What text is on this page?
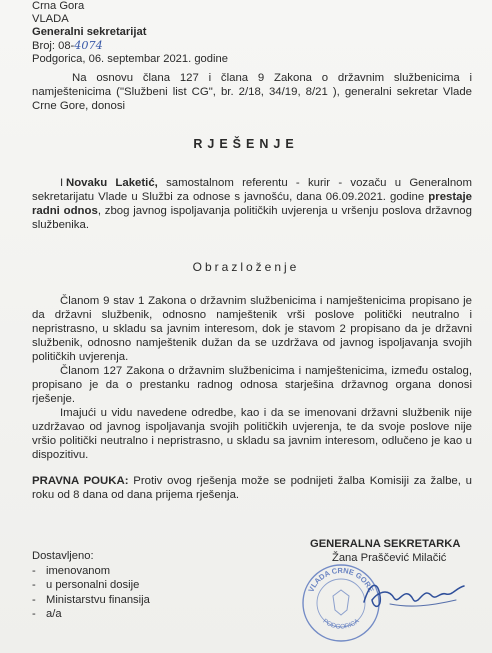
Crna Gora
VLADA
Generalni sekretarijat
Broj: 08-4074
Podgorica, 06. septembar 2021. godine
Na osnovu člana 127 i člana 9 Zakona o državnim službenicima i namještenicima ("Službeni list CG", br. 2/18, 34/19, 8/21 ), generalni sekretar Vlade Crne Gore, donosi
RJEŠENJE
I Novaku Laketić, samostalnom referentu - kurir - vozaču u Generalnom sekretarijatu Vlade u Službi za odnose s javnošću, dana 06.09.2021. godine prestaje radni odnos, zbog javnog ispoljavanja političkih uvjerenja u vršenju poslova državnog službenika.
Obrazloženje
Članom 9 stav 1 Zakona o državnim službenicima i namještenicima propisano je da državni službenik, odnosno namještenik vrši poslove politički neutralno i nepristrasno, u skladu sa javnim interesom, dok je stavom 2 propisano da je državni službenik, odnosno namještenik dužan da se uzdržava od javnog ispoljavanja svojih političkih uvjerenja.
Članom 127 Zakona o državnim službenicima i namještenicima, između ostalog, propisano je da o prestanku radnog odnosa starješina državnog organa donosi rješenje.
Imajući u vidu navedene odredbe, kao i da se imenovani državni službenik nije uzdržavao od javnog ispoljavanja svojih političkih uvjerenja, te da svoje poslove nije vršio politički neutralno i nepristrasno, u skladu sa javnim interesom, odlučeno je kao u dispozitivu.
PRAVNA POUKA: Protiv ovog rješenja može se podnijeti žalba Komisiji za žalbe, u roku od 8 dana od dana prijema rješenja.
GENERALNA SEKRETARKA
Žana Praščević Milačić
Dostavljeno:
- imenovanom
- u personalni dosije
- Ministarstvu finansija
- a/a
VLADA CRNE GORE
PODGORICA
